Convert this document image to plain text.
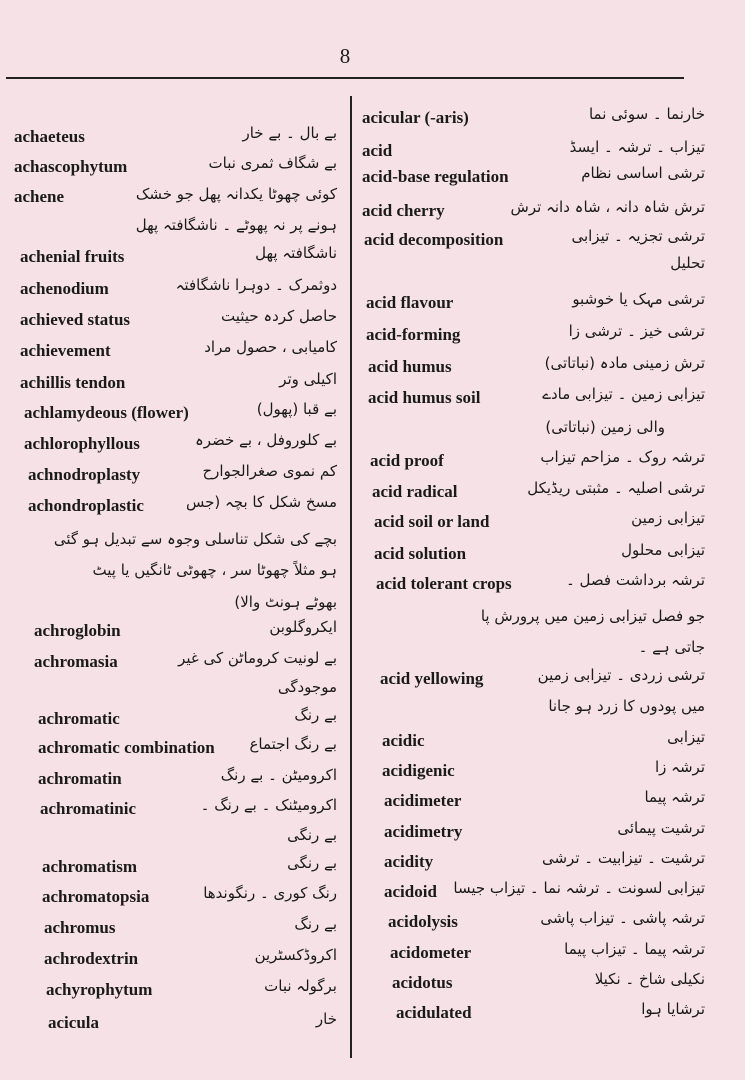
8
achaeteus	بے بال ۔ بے خار
achascophytum	بے شگاف ثمری نبات
achene	کوئی چھوٹا یکدانہ پھل جو خشک
ہونے پر نہ پھوٹے ۔ ناشگافتہ پھل
achenial fruits	ناشگافتہ پھل
achenodium	دوثمرک ۔ دوہرا ناشگافتہ
achieved status	حاصل کردہ حیثیت
achievement	کامیابی ، حصول مراد
achillis tendon	اکیلی وتر
achlamydeous (flower)	بے قبا (پھول)
achlorophyllous	بے کلوروفل ، بے خضرہ
achnodroplasty	کم نموی صغرالجوارح
achondroplastic	مسخ شکل کا بچہ (جس
بچے کی شکل تناسلی وجوہ سے تبدیل ہو گئی
ہو مثلاً چھوٹا سر ، چھوٹی ٹانگیں یا پیٹ
بھوٹے ہونٹ والا)
achroglobin	ایکروگلوبن
achromasia	بے لونیت کروماٹن کی غیر
موجودگی
achromatic	بے رنگ
achromatic combination بے رنگ اجتماع
achromatin	اکرومیٹن ۔ بے رنگ
achromatinic	اکرومیٹنک ۔ بے رنگ ۔
بے رنگی
achromatism	بے رنگی
achromatopsia	رنگ کوری ۔ رنگوندھا
achromus	بے رنگ
achrodextrin	اکروڈکسٹرین
achyrophytum	برگولہ نبات
acicula	خار
acicular (-aris)	خارنما ۔ سوئی نما
acid	تیزاب ۔ ترشہ ۔ ایسڈ
acid-base regulation	ترشی اساسی نظام
acid cherry	ترش شاہ دانہ ، شاہ دانہ ترش
acid decomposition	ترشی تجزیہ ۔ تیزابی
تحلیل
acid flavour	ترشی مہک یا خوشبو
acid-forming	ترشی خیز ۔ ترشی زا
acid humus	ترش زمینی مادہ (نباتاتی)
acid humus soil	تیزابی زمین ۔ تیزابی مادے
والی زمین (نباتاتی)
acid proof	ترشہ روک ۔ مزاحم تیزاب
acid radical	ترشی اصلیہ ۔ مثبتی ریڈیکل
acid soil or land	تیزابی زمین
acid solution	تیزابی محلول
acid tolerant crops	ترشہ برداشت فصل ۔
جو فصل تیزابی زمین میں پرورش پا
جاتی ہے ۔
acid yellowing	ترشی زردی ۔ تیزابی زمین
میں پودوں کا زرد ہو جانا
acidic	تیزابی
acidigenic	ترشہ زا
acidimeter	ترشہ پیما
acidimetry	ترشیت پیمائی
acidity	ترشیت ۔ تیزابیت ۔ ترشی
acidoid تیزابی لسونت ۔ ترشہ نما ۔ تیزاب جیسا
acidolysis	ترشہ پاشی ۔ تیزاب پاشی
acidometer	ترشہ پیما ۔ تیزاب پیما
acidotus	نکیلی شاخ ۔ نکیلا
acidulated	ترشایا ہوا
